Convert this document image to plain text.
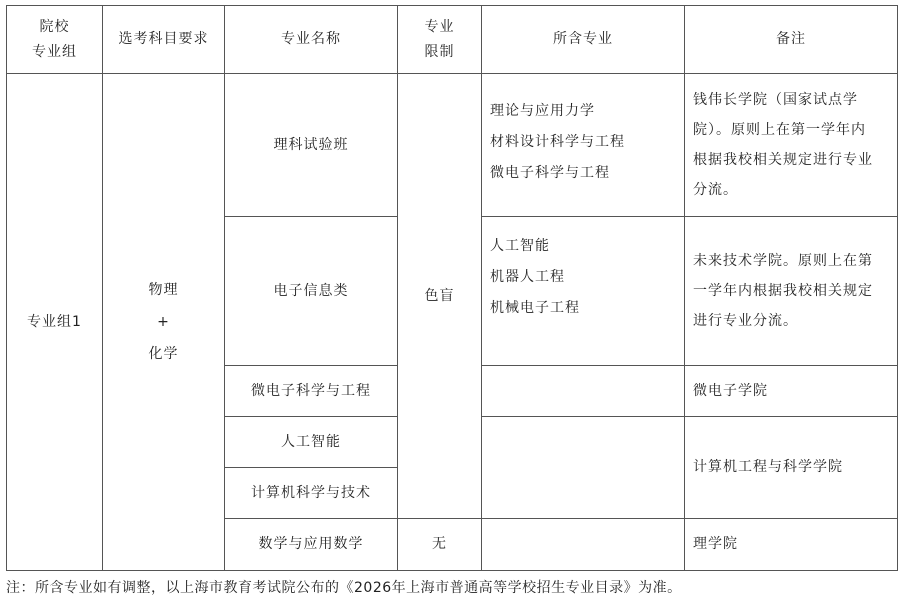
院校
专业组
选考科目要求	专业名称
专业
限制
所含专业	备注
专业组1
物理
+
化学
理科试验班
电子信息类
微电子科学与工程
人工智能
计算机科学与技术
数学与应用数学
色盲
无
理论与应用力学
材料设计科学与工程
微电子科学与工程
人工智能
机器人工程
机械电子工程
钱伟长学院（国家试点学
院）。原则上在第一学年内
根据我校相关规定进行专业
分流。
未来技术学院。原则上在第
一学年内根据我校相关规定
进行专业分流。
微电子学院
计算机工程与科学学院
理学院
注：所含专业如有调整，以上海市教育考试院公布的《2026年上海市普通高等学校招生专业目录》为准。
